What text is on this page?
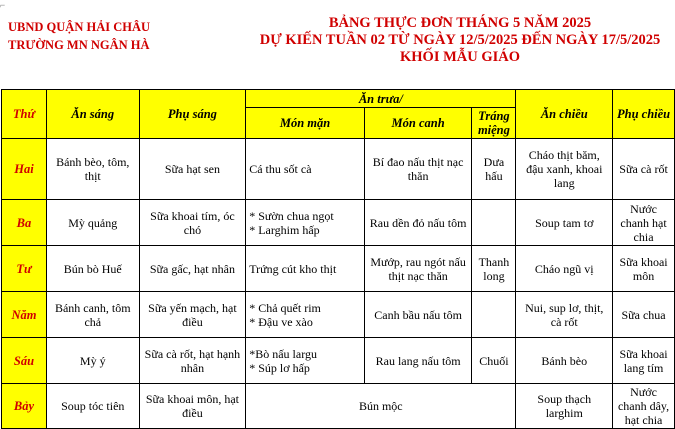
⌐
UBND QUẬN HẢI CHÂU
TRƯỜNG MN NGÂN HÀ
BẢNG THỰC ĐƠN THÁNG 5 NĂM 2025
DỰ KIẾN TUẦN 02 TỪ NGÀY 12/5/2025 ĐẾN NGÀY 17/5/2025
KHỐI MẪU GIÁO
Thứ	Ăn sáng	Phụ sáng	Ăn trưa/			Ăn chiều	Phụ chiều
			Món mặn	Món canh	Tráng miệng		
Hai	Bánh bèo, tôm, thịt	Sữa hạt sen	Cá thu sốt cà	Bí đao nấu thịt nạc thăn	Dưa hấu	Cháo thịt băm, đậu xanh, khoai lang	Sữa cà rốt
Ba	Mỳ quảng	Sữa khoai tím, óc chó	* Sườn chua ngọt
* Larghim hấp	Rau dền đỏ nấu tôm		Soup tam tơ	Nước chanh hạt chia
Tư	Bún bò Huế	Sữa gấc, hạt nhân	Trứng cút kho thịt	Mướp, rau ngót nấu thịt nạc thăn	Thanh long	Cháo ngũ vị	Sữa khoai môn
Năm	Bánh canh, tôm chả	Sữa yến mạch, hạt điều	* Chả quết rim
* Đậu ve xào	Canh bầu nấu tôm		Nui, sup lơ, thịt, cà rốt	Sữa chua
Sáu	Mỳ ý	Sữa cà rốt, hạt hạnh nhân	*Bò nấu largu
* Súp lơ hấp	Rau lang nấu tôm	Chuối	Bánh bèo	Sữa khoai lang tím
Bảy	Soup tóc tiên	Sữa khoai môn, hạt điều	Bún mộc			Soup thạch larghim	Nước chanh dây, hạt chia
